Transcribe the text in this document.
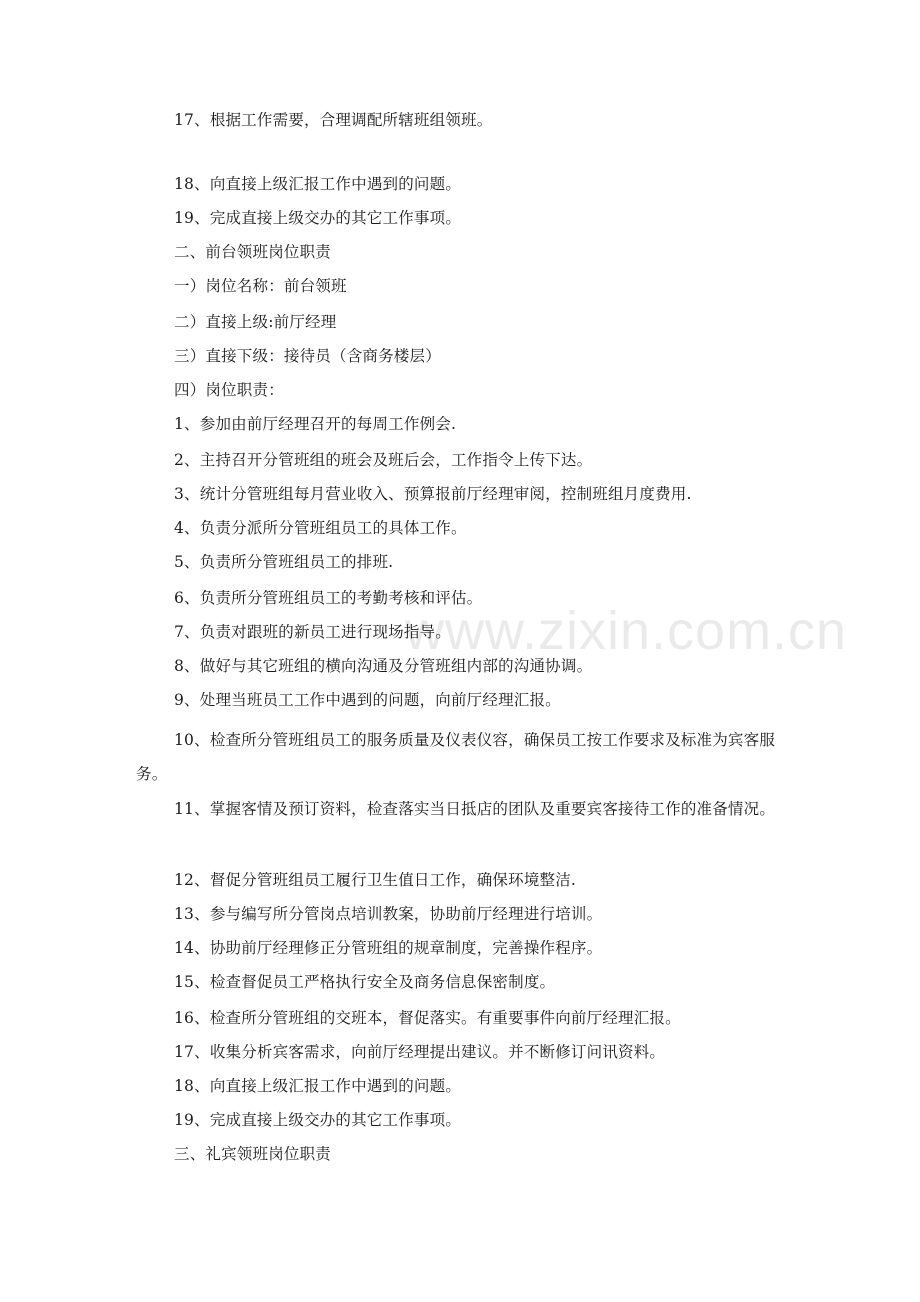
www.zixin.com.cn
17、根据工作需要，合理调配所辖班组领班。
18、向直接上级汇报工作中遇到的问题。
19、完成直接上级交办的其它工作事项。
二、前台领班岗位职责
一）岗位名称：前台领班
二）直接上级:前厅经理
三）直接下级：接待员（含商务楼层）
四）岗位职责：
1、参加由前厅经理召开的每周工作例会.
2、主持召开分管班组的班会及班后会，工作指令上传下达。
3、统计分管班组每月营业收入、预算报前厅经理审阅，控制班组月度费用.
4、负责分派所分管班组员工的具体工作。
5、负责所分管班组员工的排班.
6、负责所分管班组员工的考勤考核和评估。
7、负责对跟班的新员工进行现场指导。
8、做好与其它班组的横向沟通及分管班组内部的沟通协调。
9、处理当班员工工作中遇到的问题，向前厅经理汇报。
10、检查所分管班组员工的服务质量及仪表仪容，确保员工按工作要求及标准为宾客服务。
11、掌握客情及预订资料，检查落实当日抵店的团队及重要宾客接待工作的准备情况。
12、督促分管班组员工履行卫生值日工作，确保环境整洁.
13、参与编写所分管岗点培训教案，协助前厅经理进行培训。
14、协助前厅经理修正分管班组的规章制度，完善操作程序。
15、检查督促员工严格执行安全及商务信息保密制度。
16、检查所分管班组的交班本，督促落实。有重要事件向前厅经理汇报。
17、收集分析宾客需求，向前厅经理提出建议。并不断修订问讯资料。
18、向直接上级汇报工作中遇到的问题。
19、完成直接上级交办的其它工作事项。
三、礼宾领班岗位职责
